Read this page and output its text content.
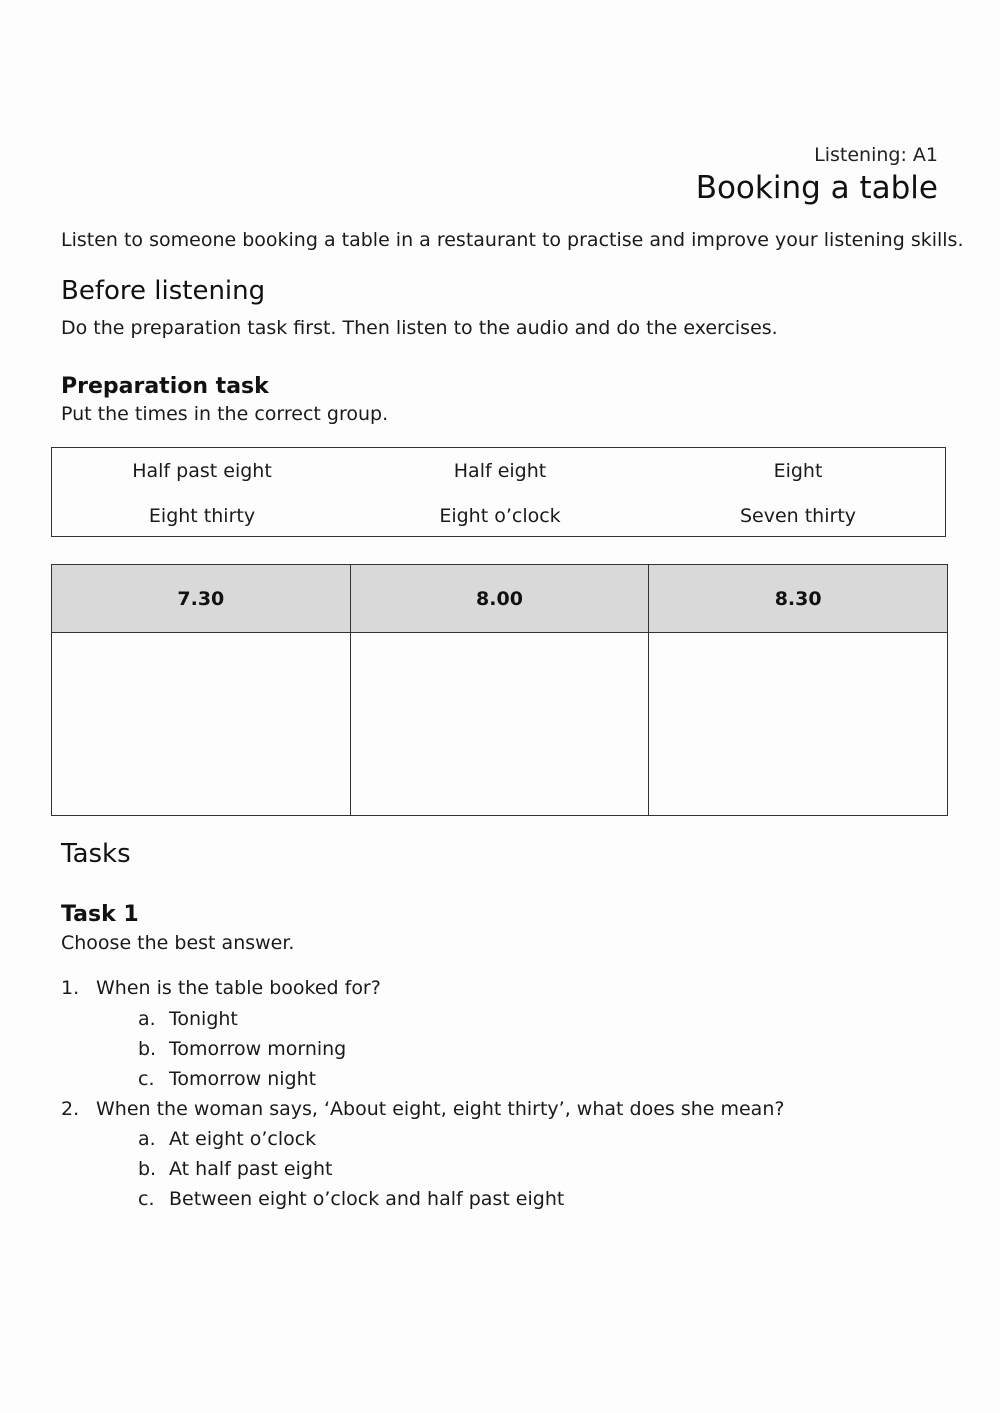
Listening: A1
Booking a table
Listen to someone booking a table in a restaurant to practise and improve your listening skills.
Before listening
Do the preparation task first. Then listen to the audio and do the exercises.
Preparation task
Put the times in the correct group.
Half past eight	Half eight	Eight
Eight thirty	Eight o’clock	Seven thirty
7.30	8.00	8.30

Tasks
Task 1
Choose the best answer.
1. When is the table booked for?
a. Tonight
b. Tomorrow morning
c. Tomorrow night
2. When the woman says, ‘About eight, eight thirty’, what does she mean?
a. At eight o’clock
b. At half past eight
c. Between eight o’clock and half past eight
